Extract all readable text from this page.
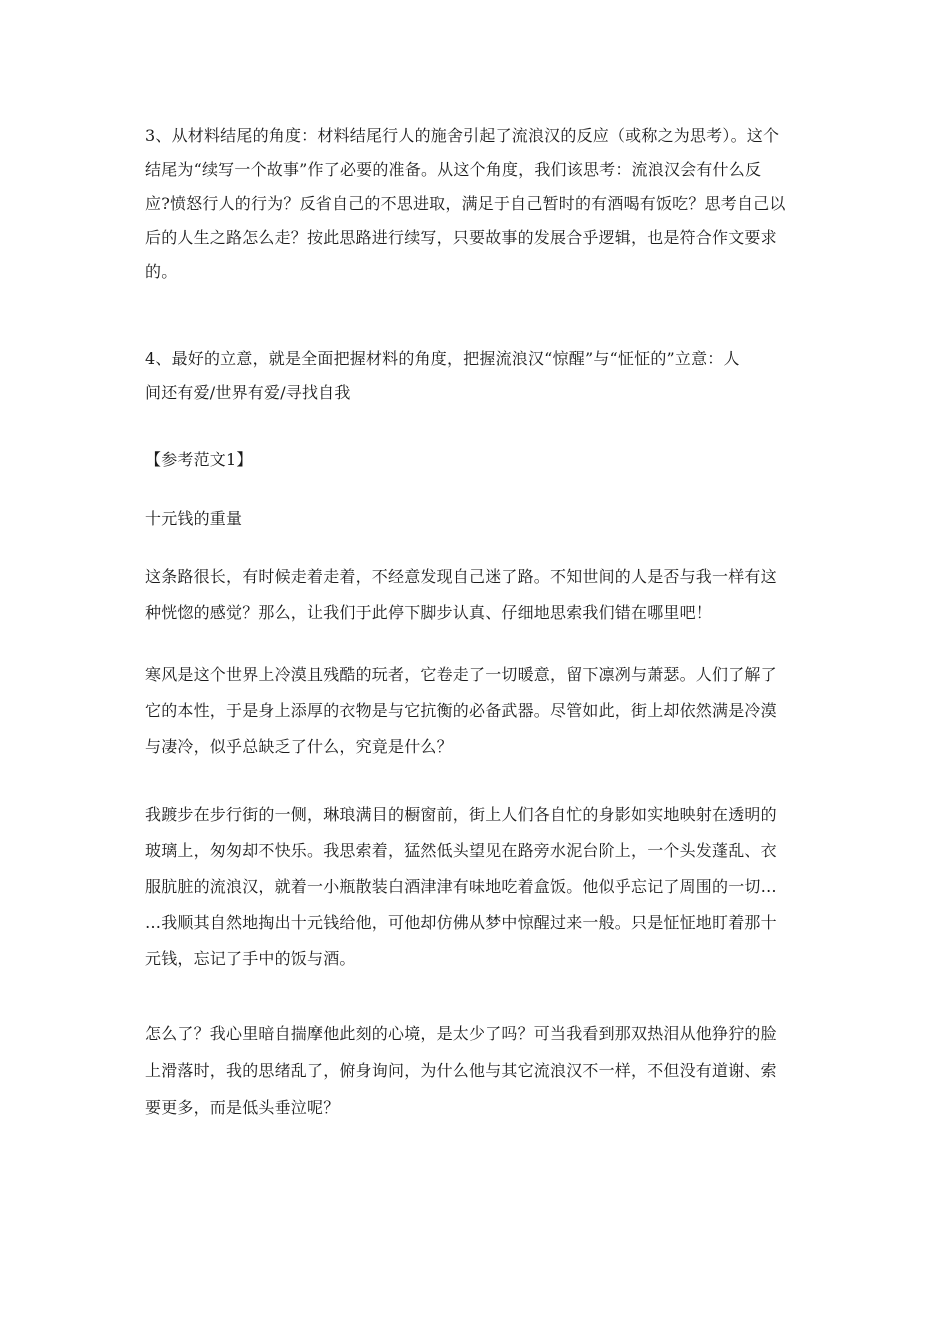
3、从材料结尾的角度：材料结尾行人的施舍引起了流浪汉的反应（或称之为思考）。这个
结尾为“续写一个故事”作了必要的准备。从这个角度，我们该思考：流浪汉会有什么反
应?愤怒行人的行为？反省自己的不思进取，满足于自己暂时的有酒喝有饭吃？思考自己以
后的人生之路怎么走？按此思路进行续写，只要故事的发展合乎逻辑，也是符合作文要求
的。
4、最好的立意，就是全面把握材料的角度，把握流浪汉“惊醒”与“怔怔的”立意：人
间还有爱/世界有爱/寻找自我
【参考范文1】
十元钱的重量
这条路很长，有时候走着走着，不经意发现自己迷了路。不知世间的人是否与我一样有这
种恍惚的感觉？那么，让我们于此停下脚步认真、仔细地思索我们错在哪里吧！
寒风是这个世界上冷漠且残酷的玩者，它卷走了一切暖意，留下凛冽与萧瑟。人们了解了
它的本性，于是身上添厚的衣物是与它抗衡的必备武器。尽管如此，街上却依然满是冷漠
与凄冷，似乎总缺乏了什么，究竟是什么？
我踱步在步行街的一侧，琳琅满目的橱窗前，街上人们各自忙的身影如实地映射在透明的
玻璃上，匆匆却不快乐。我思索着，猛然低头望见在路旁水泥台阶上，一个头发蓬乱、衣
服肮脏的流浪汉，就着一小瓶散装白酒津津有味地吃着盒饭。他似乎忘记了周围的一切…
…我顺其自然地掏出十元钱给他，可他却仿佛从梦中惊醒过来一般。只是怔怔地盯着那十
元钱，忘记了手中的饭与酒。
怎么了？我心里暗自揣摩他此刻的心境，是太少了吗？可当我看到那双热泪从他狰狞的脸
上滑落时，我的思绪乱了，俯身询问，为什么他与其它流浪汉不一样，不但没有道谢、索
要更多，而是低头垂泣呢？
